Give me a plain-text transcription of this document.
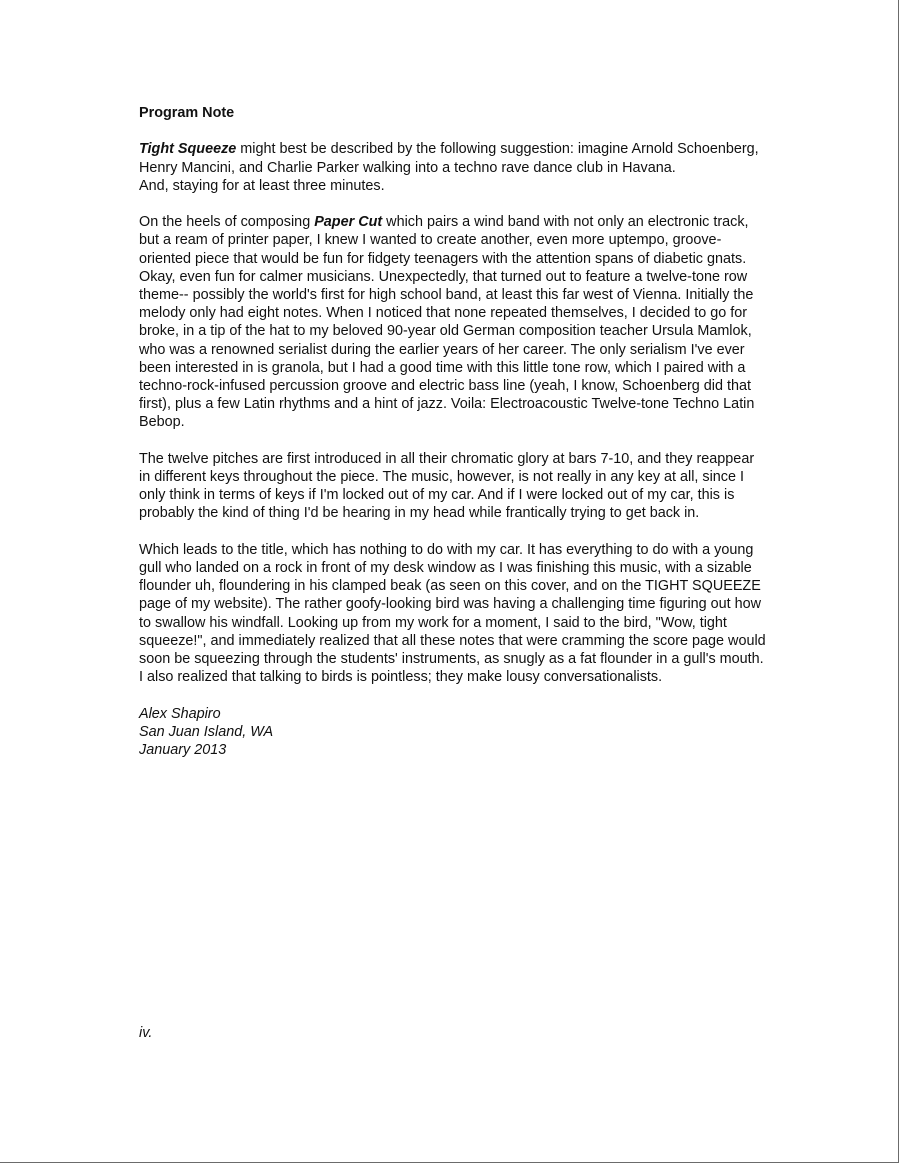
Program Note

Tight Squeeze might best be described by the following suggestion: imagine Arnold Schoenberg, Henry Mancini, and Charlie Parker walking into a techno rave dance club in Havana.
And, staying for at least three minutes.

On the heels of composing Paper Cut which pairs a wind band with not only an electronic track, but a ream of printer paper, I knew I wanted to create another, even more uptempo, groove-oriented piece that would be fun for fidgety teenagers with the attention spans of diabetic gnats. Okay, even fun for calmer musicians. Unexpectedly, that turned out to feature a twelve-tone row theme-- possibly the world's first for high school band, at least this far west of Vienna. Initially the melody only had eight notes. When I noticed that none repeated themselves, I decided to go for broke, in a tip of the hat to my beloved 90-year old German composition teacher Ursula Mamlok, who was a renowned serialist during the earlier years of her career. The only serialism I've ever been interested in is granola, but I had a good time with this little tone row, which I paired with a techno-rock-infused percussion groove and electric bass line (yeah, I know, Schoenberg did that first), plus a few Latin rhythms and a hint of jazz. Voila: Electroacoustic Twelve-tone Techno Latin Bebop.

The twelve pitches are first introduced in all their chromatic glory at bars 7-10, and they reappear in different keys throughout the piece. The music, however, is not really in any key at all, since I only think in terms of keys if I'm locked out of my car. And if I were locked out of my car, this is probably the kind of thing I'd be hearing in my head while frantically trying to get back in.

Which leads to the title, which has nothing to do with my car. It has everything to do with a young gull who landed on a rock in front of my desk window as I was finishing this music, with a sizable flounder uh, floundering in his clamped beak (as seen on this cover, and on the TIGHT SQUEEZE page of my website). The rather goofy-looking bird was having a challenging time figuring out how to swallow his windfall. Looking up from my work for a moment, I said to the bird, "Wow, tight squeeze!", and immediately realized that all these notes that were cramming the score page would soon be squeezing through the students' instruments, as snugly as a fat flounder in a gull's mouth. I also realized that talking to birds is pointless; they make lousy conversationalists.

Alex Shapiro
San Juan Island, WA
January 2013
iv.
